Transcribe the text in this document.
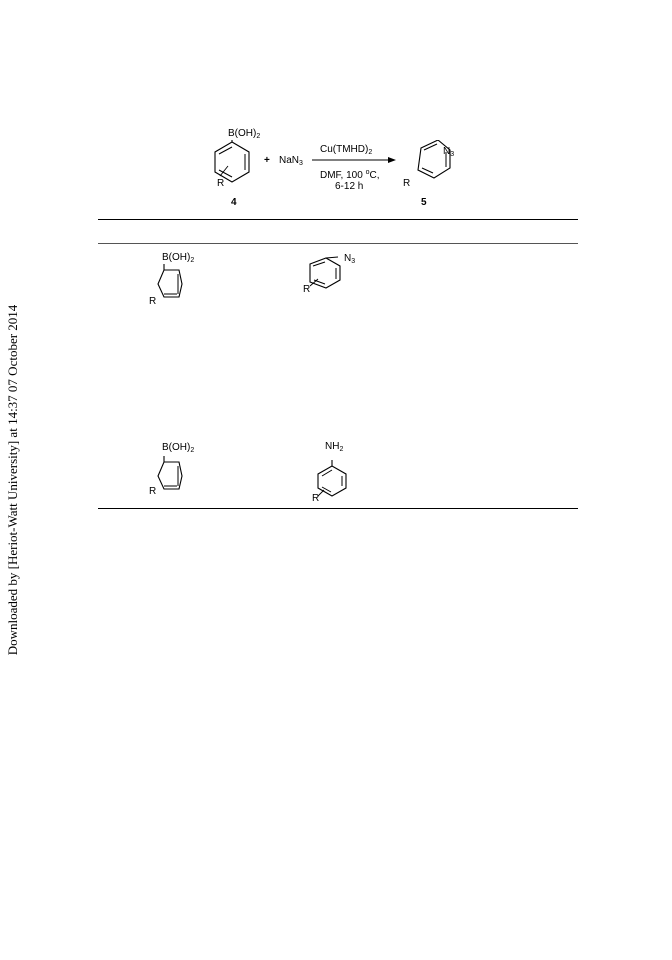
Downloaded by [Heriot-Watt University] at 14:37 07 October 2014
$B(OH)_2$
R
+ NaN$_3$
$Cu(TMHD)_2$
DMF, 100 $^o$C,
6-12 h
$N_3$
R
4	5
$B(OH)_2$
R
$N_3$
R
$B(OH)_2$
R
$NH_2$
R
